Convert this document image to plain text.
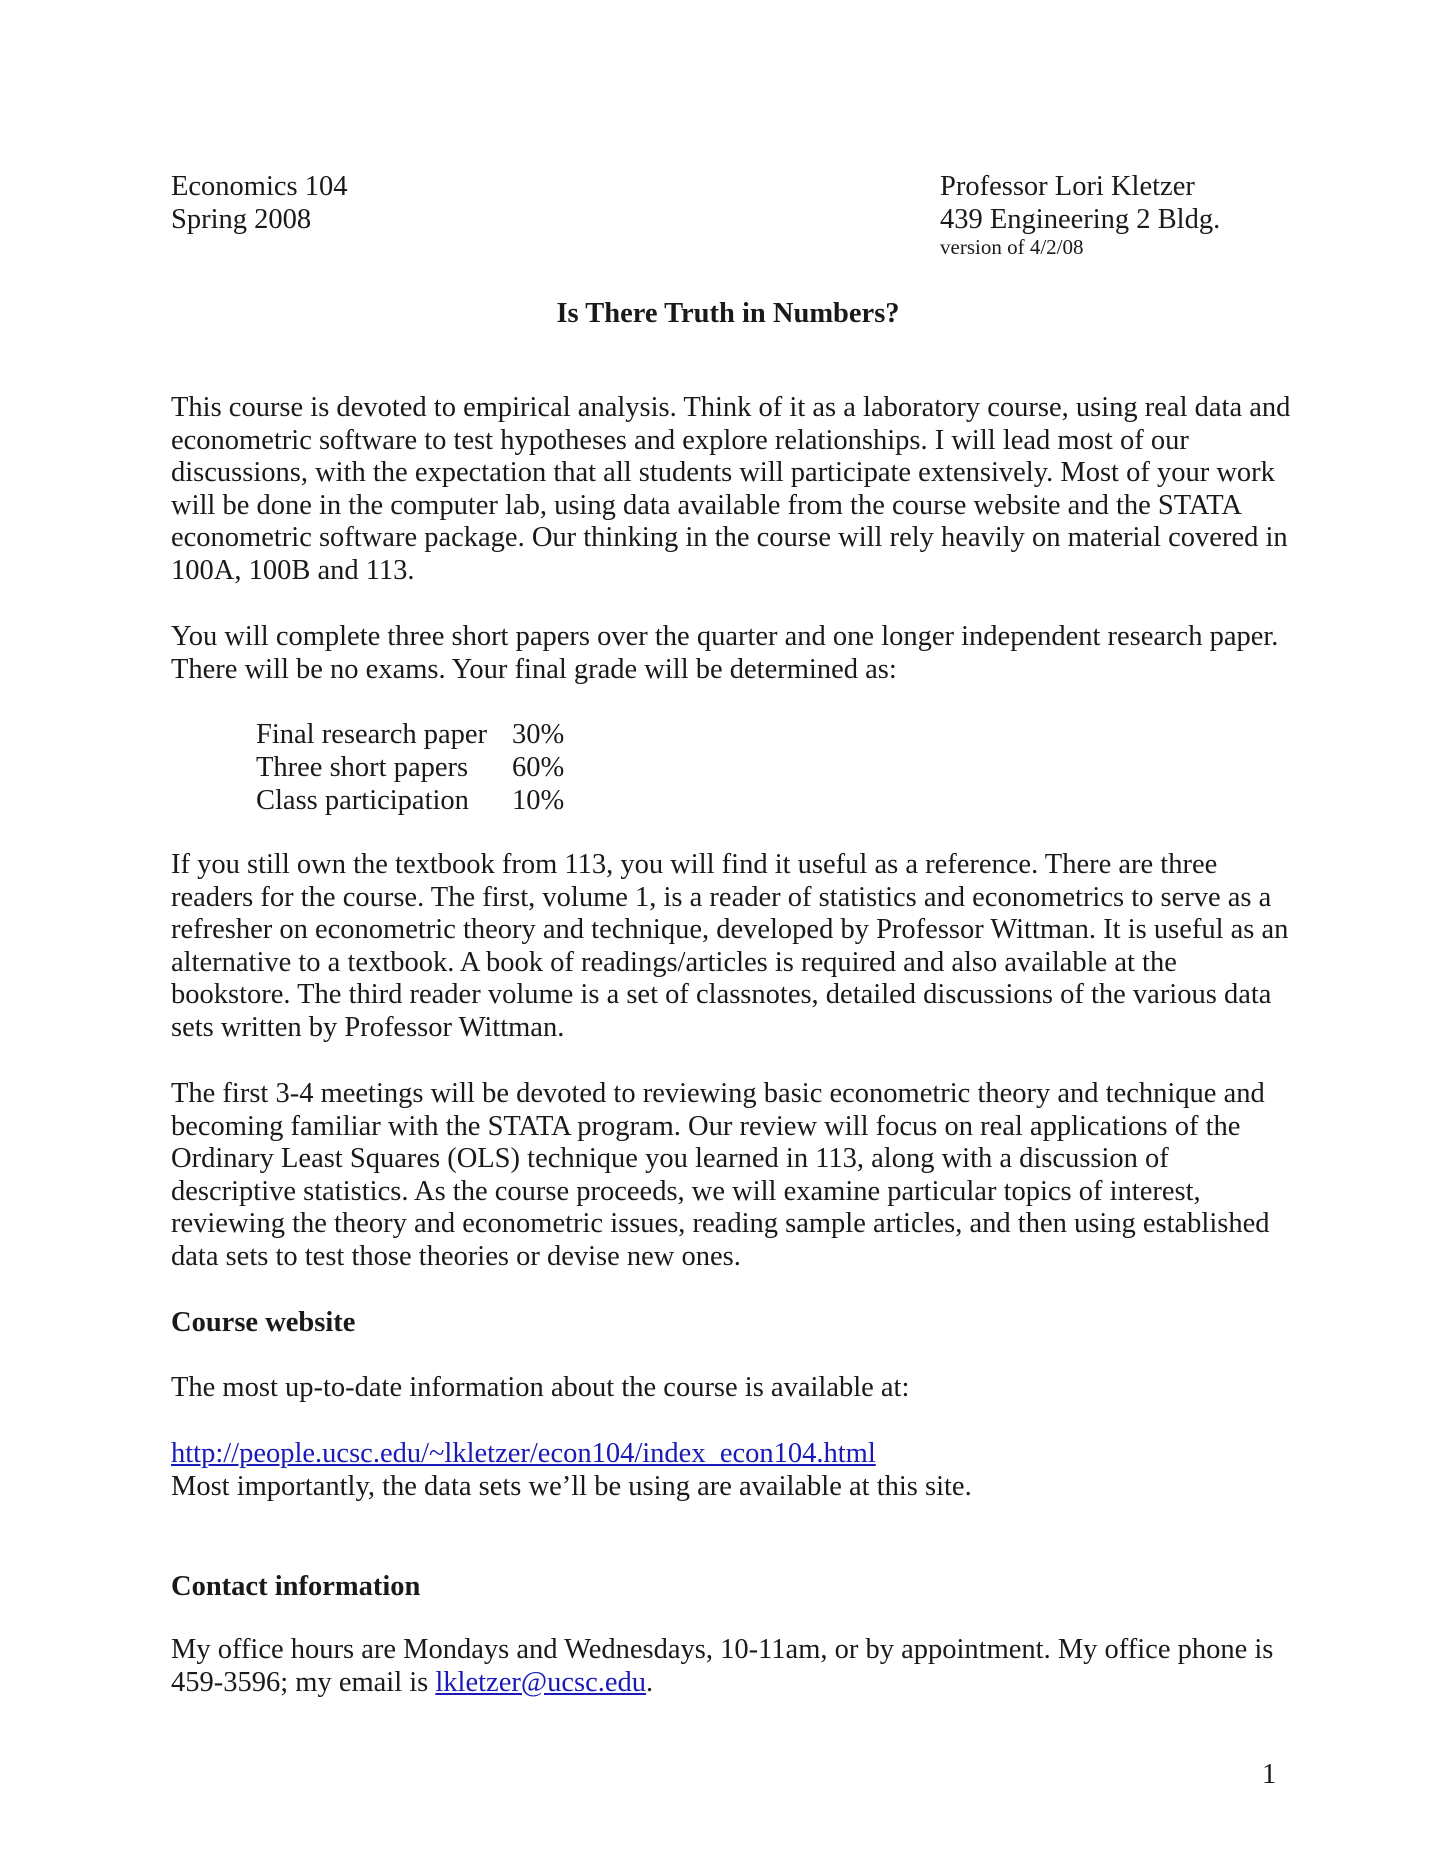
Economics 104
Spring 2008
Professor Lori Kletzer
439 Engineering 2 Bldg.
version of 4/2/08
Is There Truth in Numbers?

This course is devoted to empirical analysis. Think of it as a laboratory course, using real data and econometric software to test hypotheses and explore relationships. I will lead most of our discussions, with the expectation that all students will participate extensively. Most of your work will be done in the computer lab, using data available from the course website and the STATA econometric software package. Our thinking in the course will rely heavily on material covered in 100A, 100B and 113.

You will complete three short papers over the quarter and one longer independent research paper. There will be no exams. Your final grade will be determined as:

Final research paper	30%
Three short papers	60%
Class participation	10%

If you still own the textbook from 113, you will find it useful as a reference. There are three readers for the course. The first, volume 1, is a reader of statistics and econometrics to serve as a refresher on econometric theory and technique, developed by Professor Wittman. It is useful as an alternative to a textbook. A book of readings/articles is required and also available at the bookstore. The third reader volume is a set of classnotes, detailed discussions of the various data sets written by Professor Wittman.

The first 3-4 meetings will be devoted to reviewing basic econometric theory and technique and becoming familiar with the STATA program. Our review will focus on real applications of the Ordinary Least Squares (OLS) technique you learned in 113, along with a discussion of descriptive statistics. As the course proceeds, we will examine particular topics of interest, reviewing the theory and econometric issues, reading sample articles, and then using established data sets to test those theories or devise new ones.

Course website

The most up-to-date information about the course is available at:

http://people.ucsc.edu/~lkletzer/econ104/index_econ104.html
Most importantly, the data sets we’ll be using are available at this site.

Contact information

My office hours are Mondays and Wednesdays, 10-11am, or by appointment. My office phone is 459-3596; my email is lkletzer@ucsc.edu.

1
